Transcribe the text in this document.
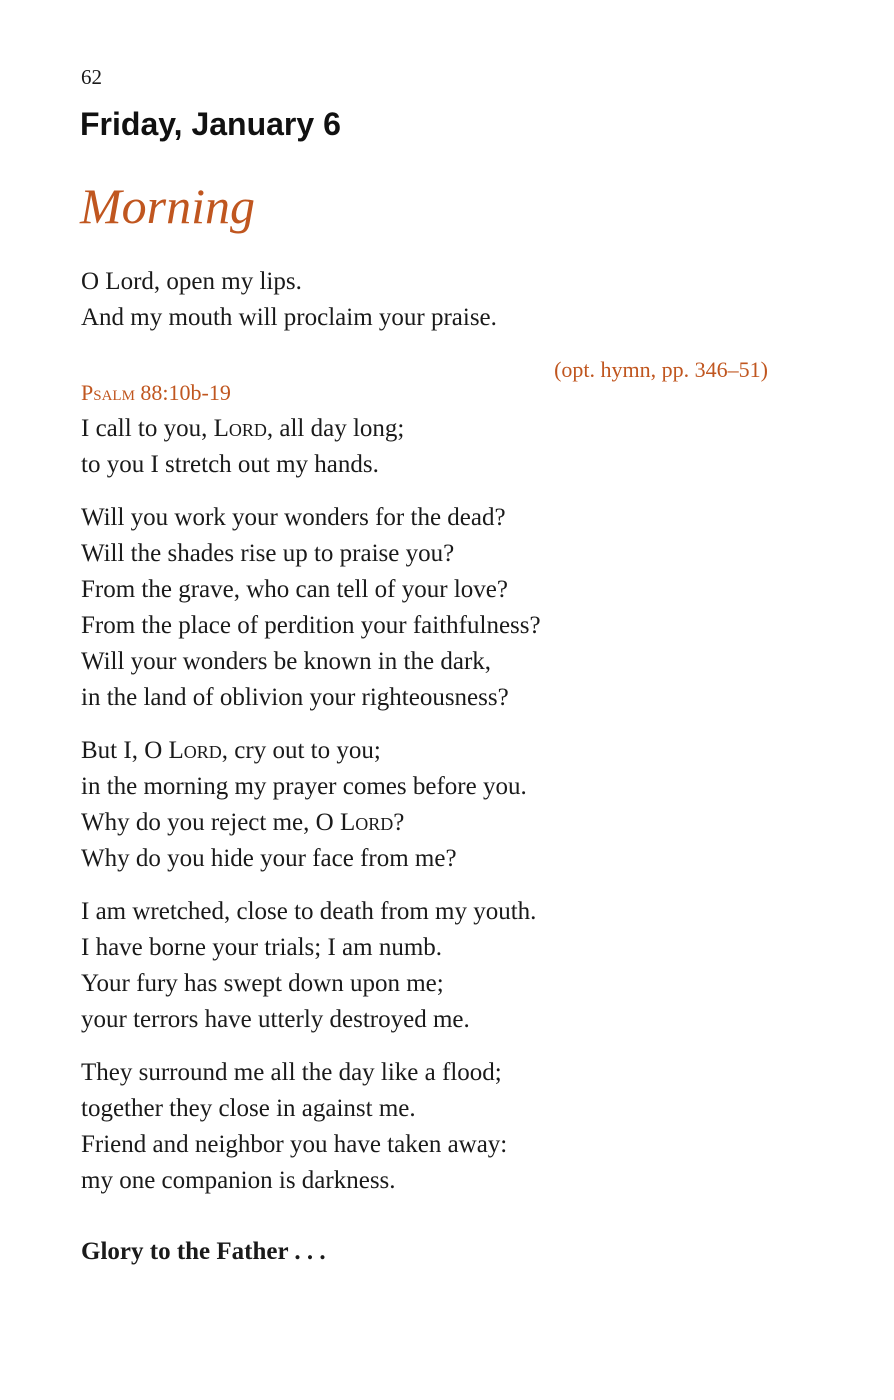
62
Friday, January 6
Morning

O Lord, open my lips.
And my mouth will proclaim your praise.

(opt. hymn, pp. 346–51)
Psalm 88:10b-19

I call to you, Lord, all day long;
to you I stretch out my hands.

Will you work your wonders for the dead?
Will the shades rise up to praise you?
From the grave, who can tell of your love?
From the place of perdition your faithfulness?
Will your wonders be known in the dark,
in the land of oblivion your righteousness?

But I, O Lord, cry out to you;
in the morning my prayer comes before you.
Why do you reject me, O Lord?
Why do you hide your face from me?

I am wretched, close to death from my youth.
I have borne your trials; I am numb.
Your fury has swept down upon me;
your terrors have utterly destroyed me.

They surround me all the day like a flood;
together they close in against me.
Friend and neighbor you have taken away:
my one companion is darkness.

Glory to the Father . . .
